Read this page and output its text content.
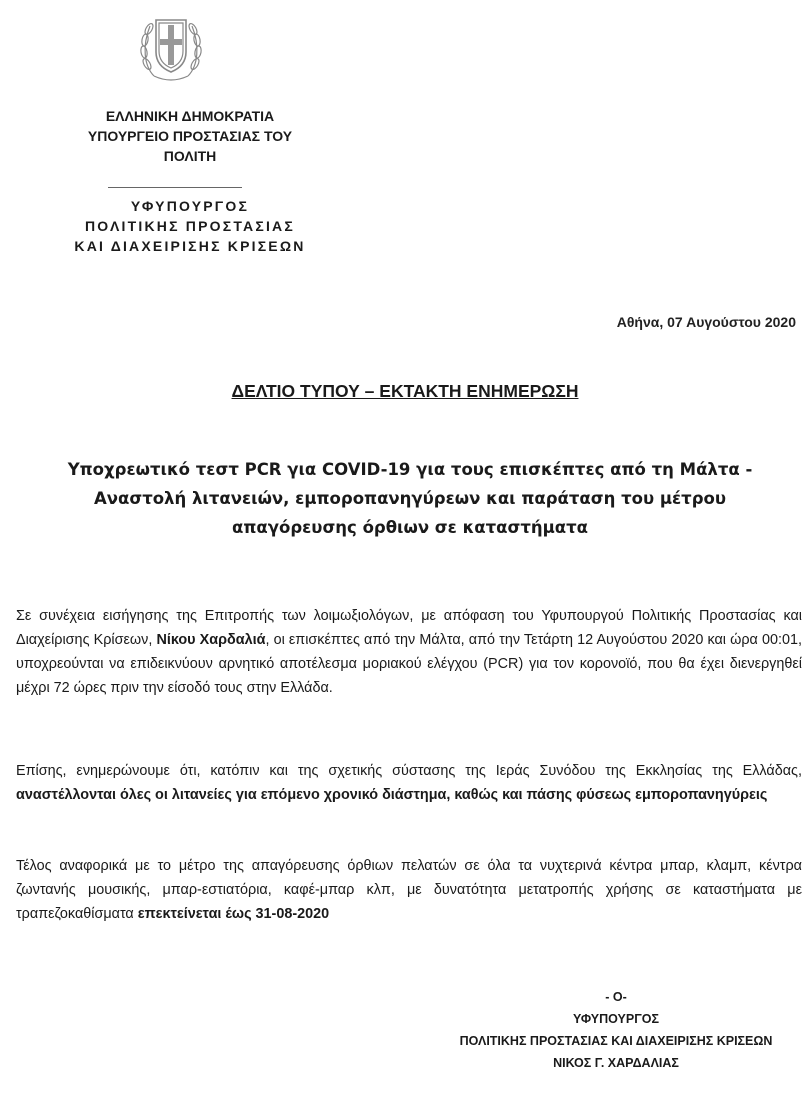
ΕΛΛΗΝΙΚΗ ΔΗΜΟΚΡΑΤΙΑ
ΥΠΟΥΡΓΕΙΟ ΠΡΟΣΤΑΣΙΑΣ ΤΟΥ
ΠΟΛΙΤΗ
ΥΦΥΠΟΥΡΓΟΣ
ΠΟΛΙΤΙΚΗΣ ΠΡΟΣΤΑΣΙΑΣ
ΚΑΙ ΔΙΑΧΕΙΡΙΣΗΣ ΚΡΙΣΕΩΝ
Αθήνα, 07 Αυγούστου 2020
ΔΕΛΤΙΟ ΤΥΠΟΥ – ΕΚΤΑΚΤΗ ΕΝΗΜΕΡΩΣΗ
Υποχρεωτικό τεστ PCR για COVID-19 για τους επισκέπτες από τη Μάλτα -
Αναστολή λιτανειών, εμποροπανηγύρεων και παράταση του μέτρου
απαγόρευσης όρθιων σε καταστήματα
Σε συνέχεια εισήγησης της Επιτροπής των λοιμωξιολόγων, με απόφαση του Υφυπουργού Πολιτικής Προστασίας και Διαχείρισης Κρίσεων, Νίκου Χαρδαλιά, οι επισκέπτες από την Μάλτα, από την Τετάρτη 12 Αυγούστου 2020 και ώρα 00:01, υποχρεούνται να επιδεικνύουν αρνητικό αποτέλεσμα μοριακού ελέγχου (PCR) για τον κορονοϊό, που θα έχει διενεργηθεί μέχρι 72 ώρες πριν την είσοδό τους στην Ελλάδα.
Επίσης, ενημερώνουμε ότι, κατόπιν και της σχετικής σύστασης της Ιεράς Συνόδου της Εκκλησίας της Ελλάδας, αναστέλλονται όλες οι λιτανείες για επόμενο χρονικό διάστημα, καθώς και πάσης φύσεως εμποροπανηγύρεις
Τέλος αναφορικά με το μέτρο της απαγόρευσης όρθιων πελατών σε όλα τα νυχτερινά κέντρα μπαρ, κλαμπ, κέντρα ζωντανής μουσικής, μπαρ-εστιατόρια, καφέ-μπαρ κλπ, με δυνατότητα μετατροπής χρήσης σε καταστήματα με τραπεζοκαθίσματα επεκτείνεται έως 31-08-2020
- Ο-
ΥΦΥΠΟΥΡΓΟΣ
ΠΟΛΙΤΙΚΗΣ ΠΡΟΣΤΑΣΙΑΣ ΚΑΙ ΔΙΑΧΕΙΡΙΣΗΣ ΚΡΙΣΕΩΝ
ΝΙΚΟΣ Γ. ΧΑΡΔΑΛΙΑΣ
